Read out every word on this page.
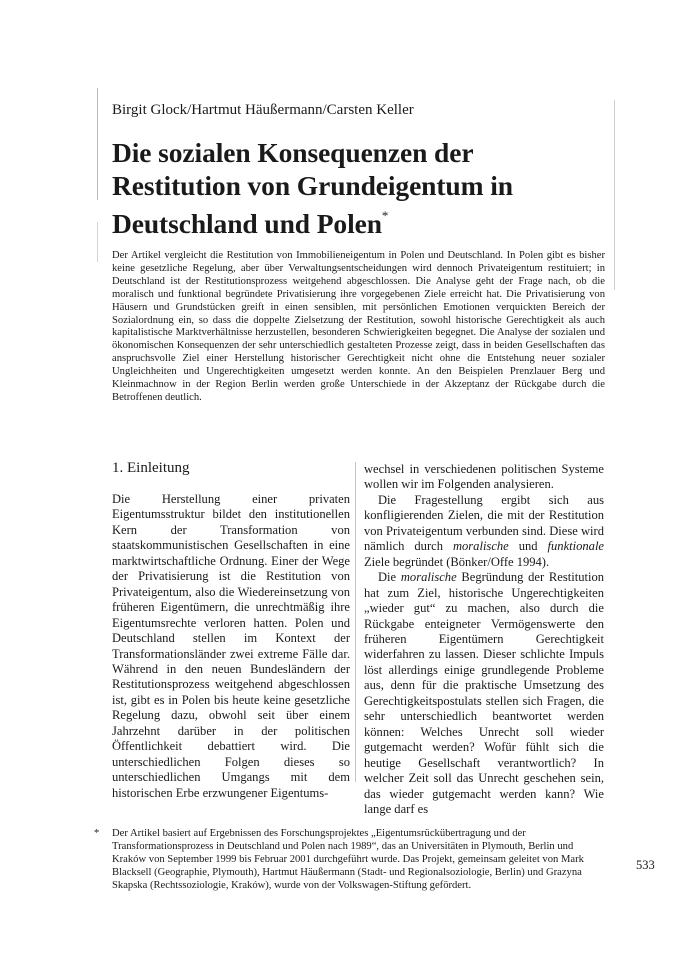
Birgit Glock/Hartmut Häußermann/Carsten Keller
Die sozialen Konsequenzen der
Restitution von Grundeigentum in
Deutschland und Polen*

Der Artikel vergleicht die Restitution von Immobilieneigentum in Polen und Deutschland. In Polen gibt es bisher keine gesetzliche Regelung, aber über Verwaltungsentscheidungen wird dennoch Privateigentum restituiert; in Deutschland ist der Restitutionsprozess weitgehend abgeschlossen. Die Analyse geht der Frage nach, ob die moralisch und funktional begründete Privatisierung ihre vorgegebenen Ziele erreicht hat. Die Privatisierung von Häusern und Grundstücken greift in einen sensiblen, mit persönlichen Emotionen verquickten Bereich der Sozialordnung ein, so dass die doppelte Zielsetzung der Restitution, sowohl historische Gerechtigkeit als auch kapitalistische Marktverhältnisse herzustellen, besonderen Schwierigkeiten begegnet. Die Analyse der sozialen und ökonomischen Konsequenzen der sehr unterschiedlich gestalteten Prozesse zeigt, dass in beiden Gesellschaften das anspruchsvolle Ziel einer Herstellung historischer Gerechtigkeit nicht ohne die Entstehung neuer sozialer Ungleichheiten und Ungerechtigkeiten umgesetzt werden konnte. An den Beispielen Prenzlauer Berg und Kleinmachnow in der Region Berlin werden große Unterschiede in der Akzeptanz der Rückgabe durch die Betroffenen deutlich.

1. Einleitung

Die Herstellung einer privaten Eigentumsstruktur bildet den institutionellen Kern der Transformation von staatskommunistischen Gesellschaften in eine marktwirtschaftliche Ordnung. Einer der Wege der Privatisierung ist die Restitution von Privateigentum, also die Wiedereinsetzung von früheren Eigentümern, die unrechtmäßig ihre Eigentumsrechte verloren hatten. Polen und Deutschland stellen im Kontext der Transformationsländer zwei extreme Fälle dar. Während in den neuen Bundesländern der Restitutionsprozess weitgehend abgeschlossen ist, gibt es in Polen bis heute keine gesetzliche Regelung dazu, obwohl seit über einem Jahrzehnt darüber in der politischen Öffentlichkeit debattiert wird. Die unterschiedlichen Folgen dieses so unterschiedlichen Umgangs mit dem historischen Erbe erzwungener Eigentums-

wechsel in verschiedenen politischen Systeme wollen wir im Folgenden analysieren.

Die Fragestellung ergibt sich aus konfligierenden Zielen, die mit der Restitution von Privateigentum verbunden sind. Diese wird nämlich durch moralische und funktionale Ziele begründet (Bönker/Offe 1994).

Die moralische Begründung der Restitution hat zum Ziel, historische Ungerechtigkeiten „wieder gut“ zu machen, also durch die Rückgabe enteigneter Vermögenswerte den früheren Eigentümern Gerechtigkeit widerfahren zu lassen. Dieser schlichte Impuls löst allerdings einige grundlegende Probleme aus, denn für die praktische Umsetzung des Gerechtigkeitspostulats stellen sich Fragen, die sehr unterschiedlich beantwortet werden können: Welches Unrecht soll wieder gutgemacht werden? Wofür fühlt sich die heutige Gesellschaft verantwortlich? In welcher Zeit soll das Unrecht geschehen sein, das wieder gutgemacht werden kann? Wie lange darf es

* Der Artikel basiert auf Ergebnissen des Forschungsprojektes „Eigentumsrückübertragung und der Transformationsprozess in Deutschland und Polen nach 1989“, das an Universitäten in Plymouth, Berlin und Kraków von September 1999 bis Februar 2001 durchgeführt wurde. Das Projekt, gemeinsam geleitet von Mark Blacksell (Geographie, Plymouth), Hartmut Häußermann (Stadt- und Regionalsoziologie, Berlin) und Grazyna Skapska (Rechtssoziologie, Kraków), wurde von der Volkswagen-Stiftung gefördert.

533
